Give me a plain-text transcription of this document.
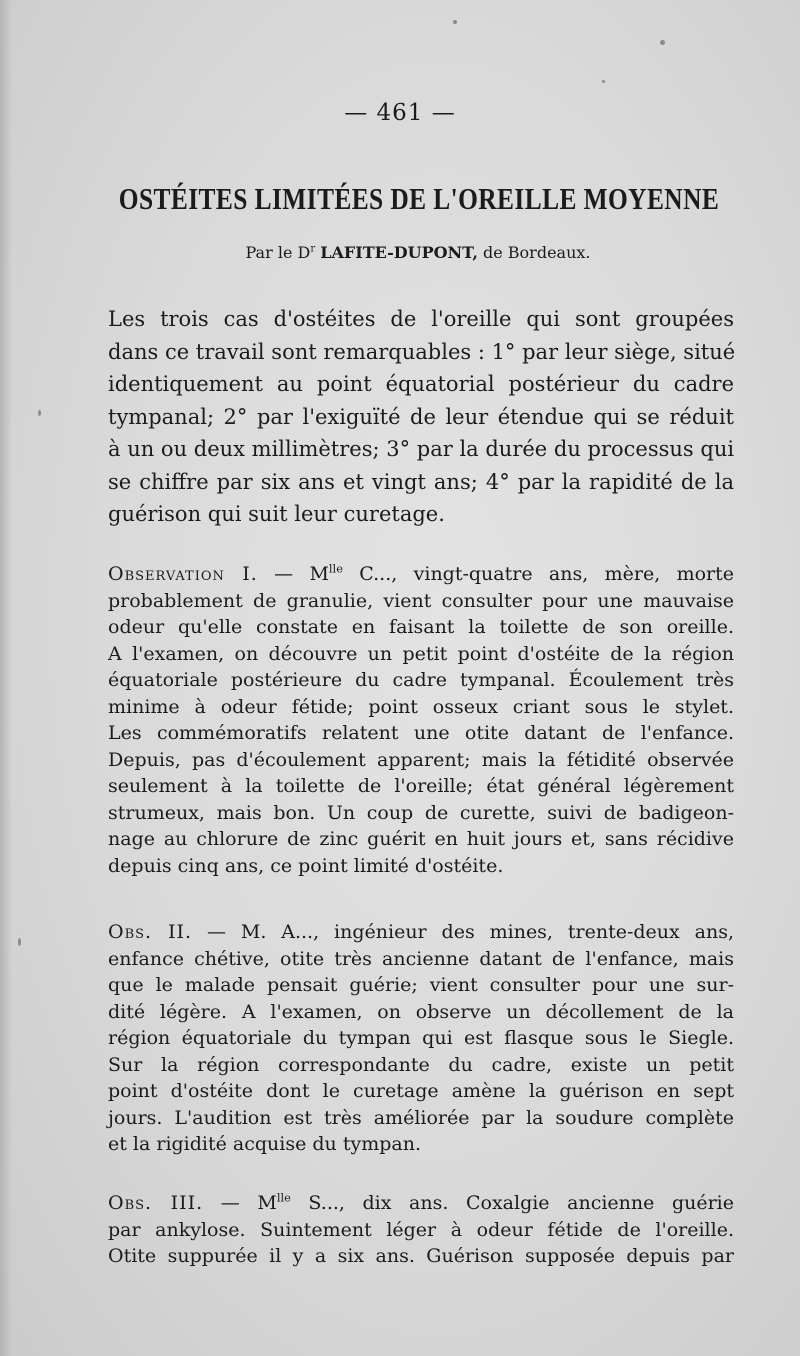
— 461 —
OSTÉITES LIMITÉES DE L'OREILLE MOYENNE
Par le $D^r$ LAFITE-DUPONT, de Bordeaux.
Les trois cas d'ostéites de l'oreille qui sont groupées
dans ce travail sont remarquables : 1° par leur siège, situé
identiquement au point équatorial postérieur du cadre
tympanal; 2° par l'exiguïté de leur étendue qui se réduit
à un ou deux millimètres; 3° par la durée du processus qui
se chiffre par six ans et vingt ans; 4° par la rapidité de la
guérison qui suit leur curetage.
Observation I. — $M^{lle}$ C..., vingt-quatre ans, mère, morte
probablement de granulie, vient consulter pour une mauvaise
odeur qu'elle constate en faisant la toilette de son oreille.
A l'examen, on découvre un petit point d'ostéite de la région
équatoriale postérieure du cadre tympanal. Écoulement très
minime à odeur fétide; point osseux criant sous le stylet.
Les commémoratifs relatent une otite datant de l'enfance.
Depuis, pas d'écoulement apparent; mais la fétidité observée
seulement à la toilette de l'oreille; état général légèrement
strumeux, mais bon. Un coup de curette, suivi de badigeon-
nage au chlorure de zinc guérit en huit jours et, sans récidive
depuis cinq ans, ce point limité d'ostéite.
Obs. II. — M. A..., ingénieur des mines, trente-deux ans,
enfance chétive, otite très ancienne datant de l'enfance, mais
que le malade pensait guérie; vient consulter pour une sur-
dité légère. A l'examen, on observe un décollement de la
région équatoriale du tympan qui est flasque sous le Siegle.
Sur la région correspondante du cadre, existe un petit
point d'ostéite dont le curetage amène la guérison en sept
jours. L'audition est très améliorée par la soudure complète
et la rigidité acquise du tympan.
Obs. III. — $M^{lle}$ S..., dix ans. Coxalgie ancienne guérie
par ankylose. Suintement léger à odeur fétide de l'oreille.
Otite suppurée il y a six ans. Guérison supposée depuis par
